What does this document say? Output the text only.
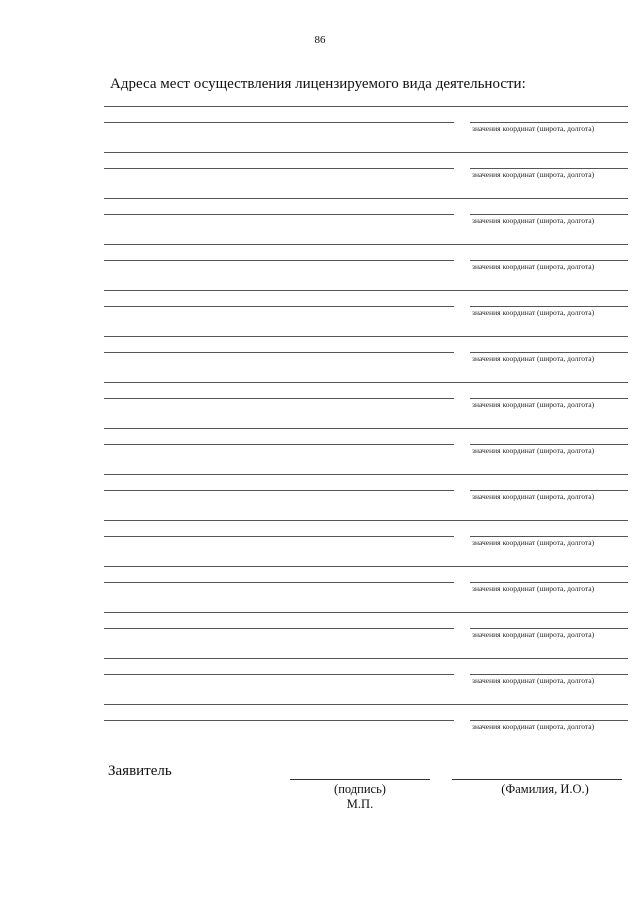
86
Адреса мест осуществления лицензируемого вида деятельности:
значения координат (широта, долгота)
значения координат (широта, долгота)
значения координат (широта, долгота)
значения координат (широта, долгота)
значения координат (широта, долгота)
значения координат (широта, долгота)
значения координат (широта, долгота)
значения координат (широта, долгота)
значения координат (широта, долгота)
значения координат (широта, долгота)
значения координат (широта, долгота)
значения координат (широта, долгота)
значения координат (широта, долгота)
значения координат (широта, долгота)
Заявитель
(подпись)	(Фамилия, И.О.)
М.П.
